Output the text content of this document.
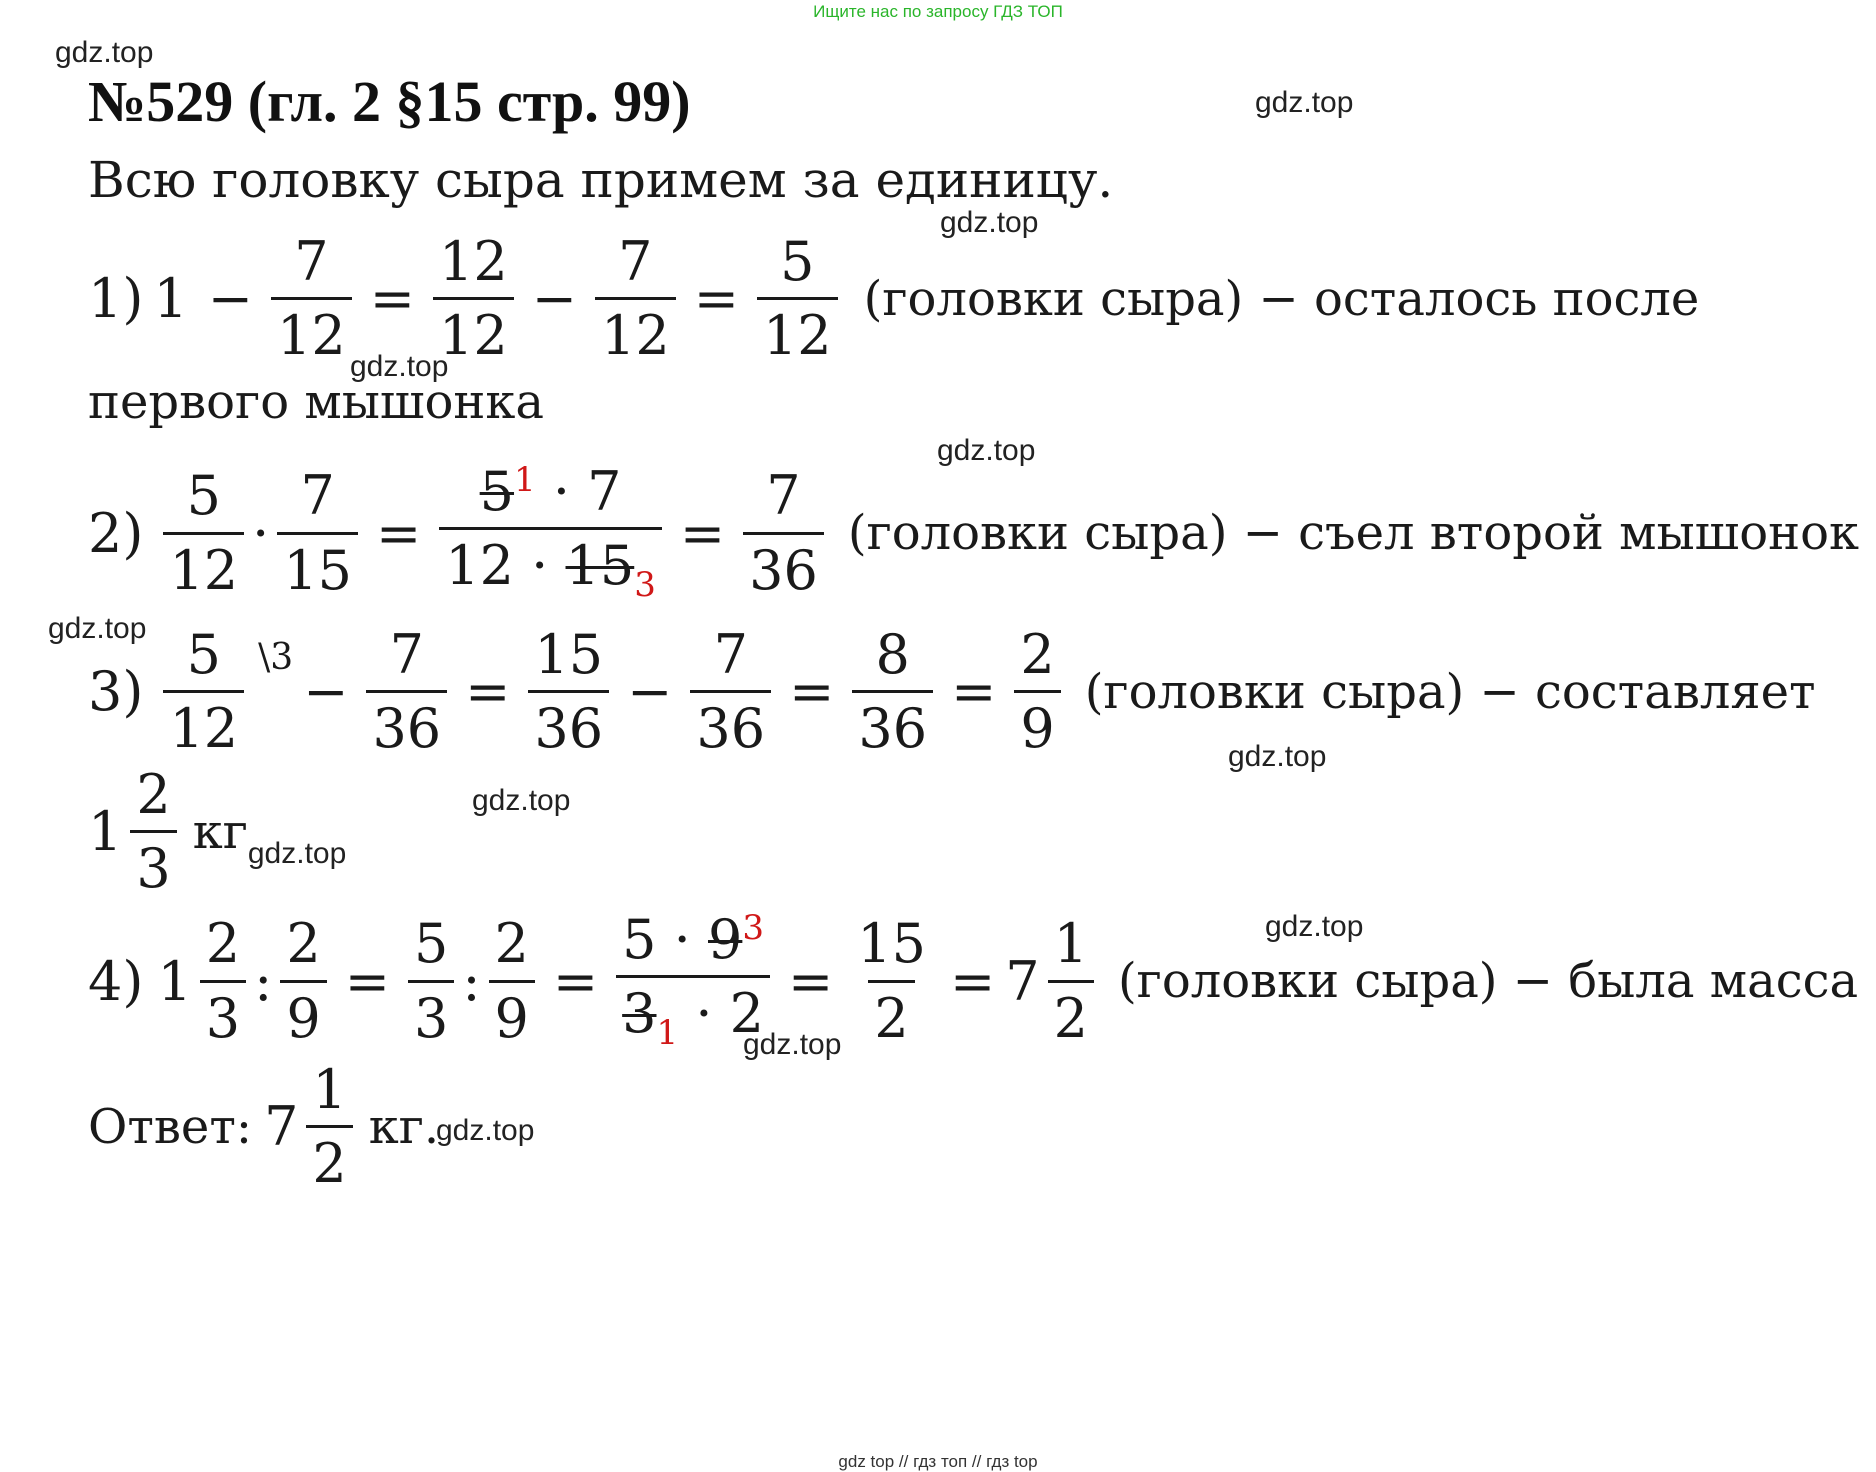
Ищите нас по запросу ГДЗ ТОП
gdz.top
№529 (гл. 2 §15 стр. 99)	gdz.top
Всю головку сыра примем за единицу.
gdz.top
1) $1 - \frac{7}{12} = \frac{12}{12} - \frac{7}{12} = \frac{5}{12}$ (головки сыра) − осталось после
gdz.top
первого мышонка
gdz.top
$2) \frac{5}{12} \cdot \frac{7}{15} = \frac{5^1 \cdot 7}{12 \cdot 15_3} = \frac{7}{36}$ (головки сыра) − съел второй мышонок
gdz.top
$3) \frac{5}{12}$ \3
− $\frac{7}{36} = \frac{15}{36} - \frac{7}{36} = \frac{8}{36} = \frac{2}{9}$ (головки сыра) − составляет
gdz.top
gdz.top
$1 \frac{2}{3}$ кг gdz.top
gdz.top
4) $1 \frac{2}{3}$ : $\frac{2}{9} = \frac{5}{3}$ : $\frac{2}{9} = \frac{5 \cdot 9^3}{3_1 \cdot 2} = \frac{15}{2} = 7 \frac{1}{2}$ (головки сыра) − была масса
gdz.top
Ответ: $7 \frac{1}{2}$ кг.
gdz.top
gdz top // гдз топ // гдз top
